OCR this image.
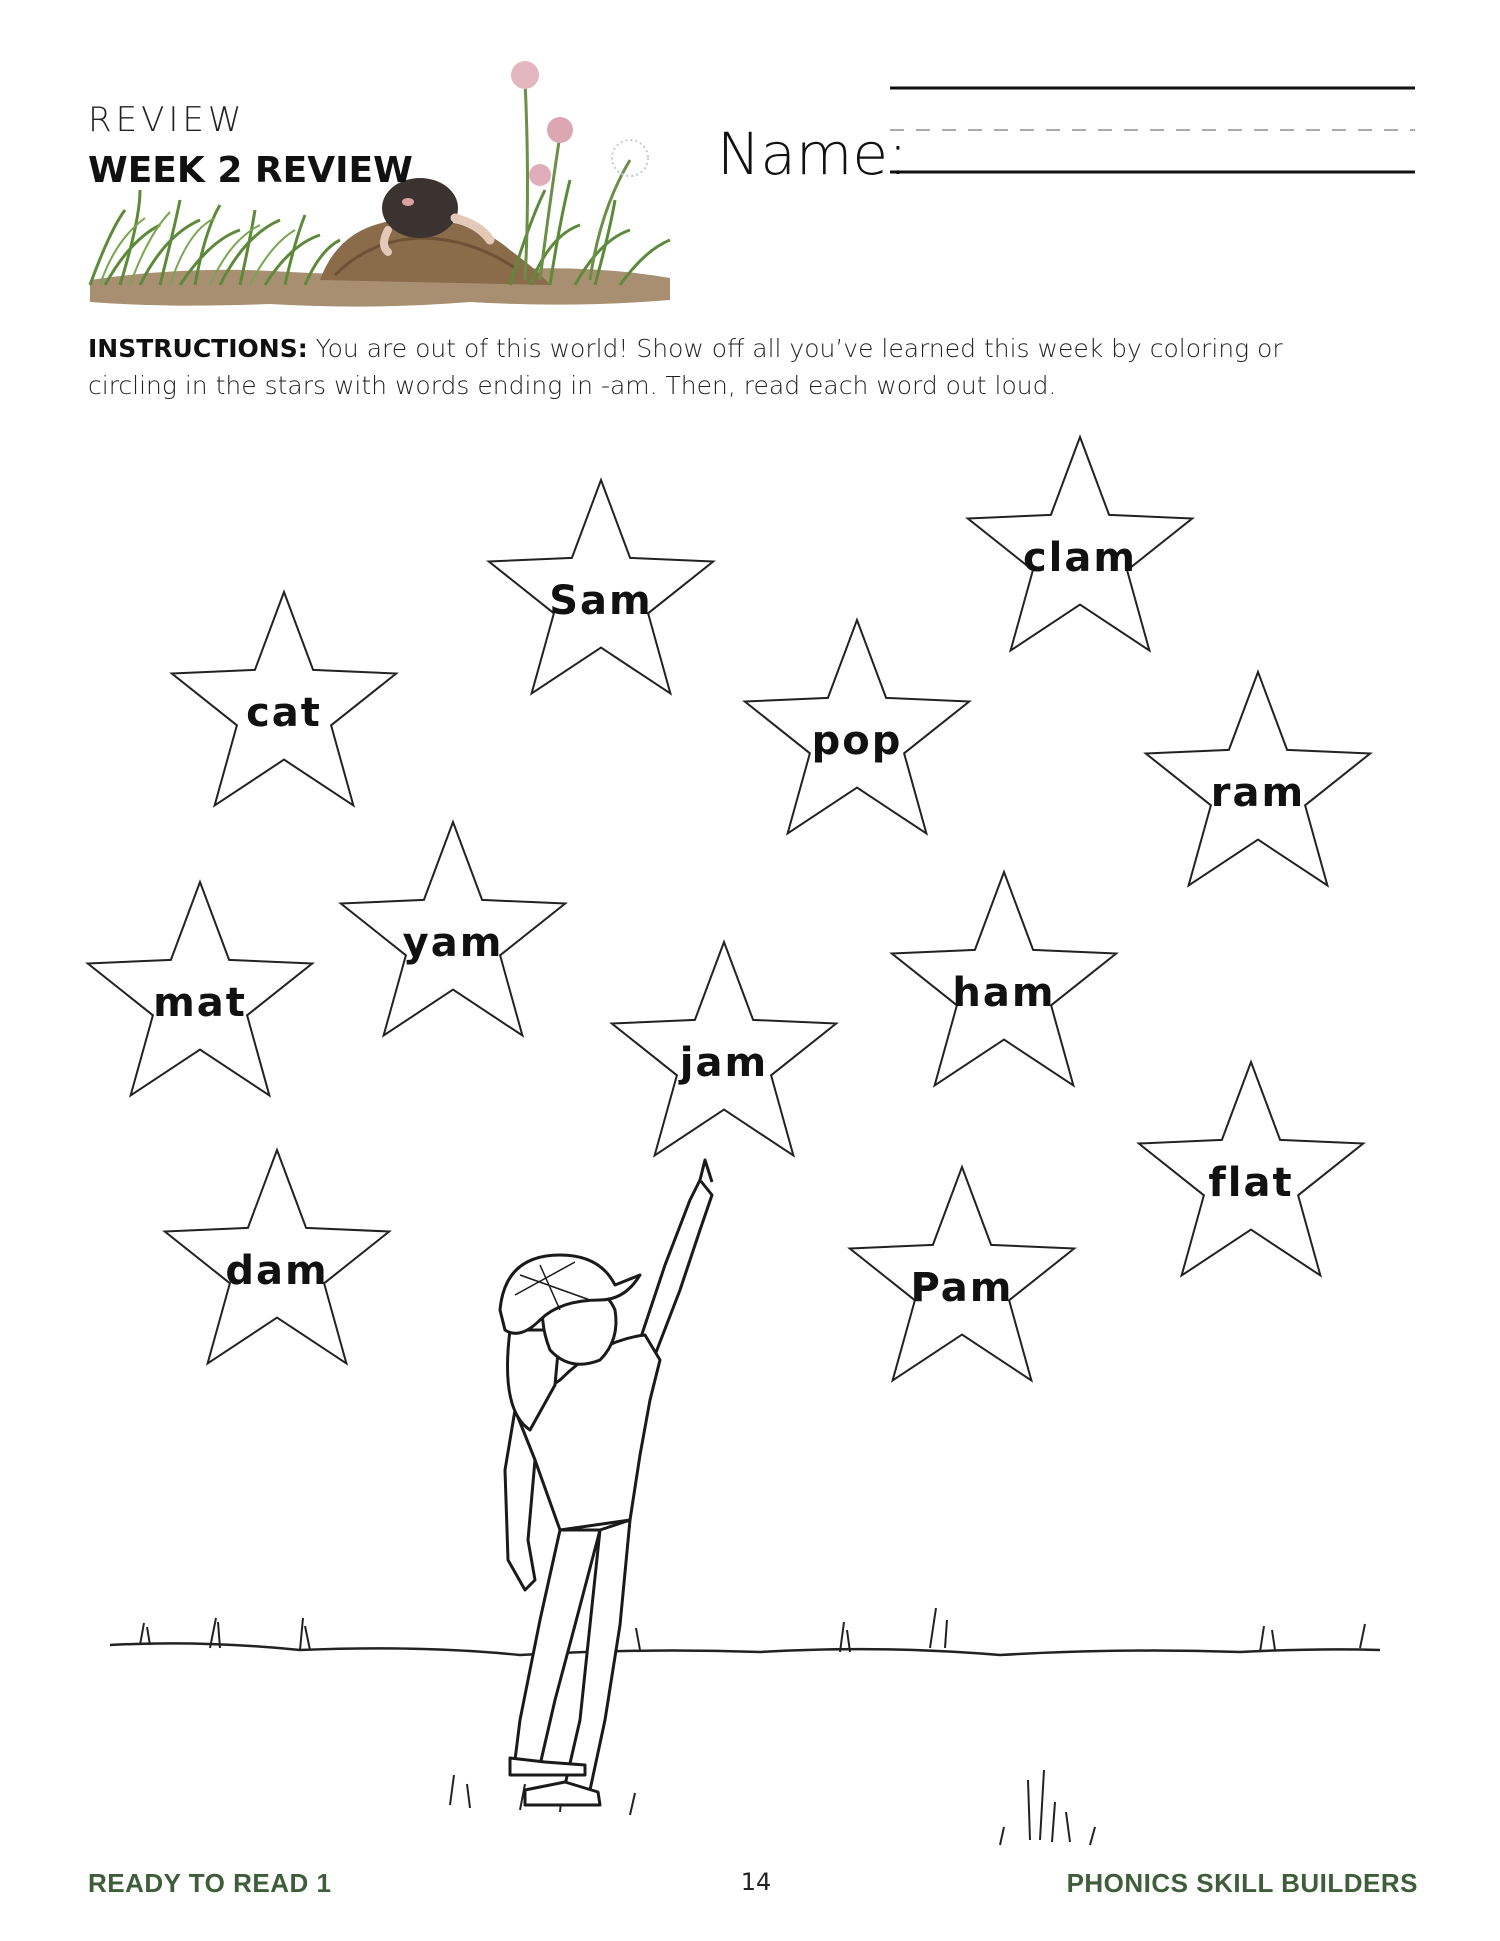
REVIEW
WEEK 2 REVIEW	Name:
INSTRUCTIONS: You are out of this world! Show off all you’ve learned this week by coloring or circling in the stars with words ending in -am. Then, read each word out loud.
Sam
clam
cat
pop
ram
yam
mat
jam
ham
flat
dam	Pam
READY TO READ 1	14	PHONICS SKILL BUILDERS
